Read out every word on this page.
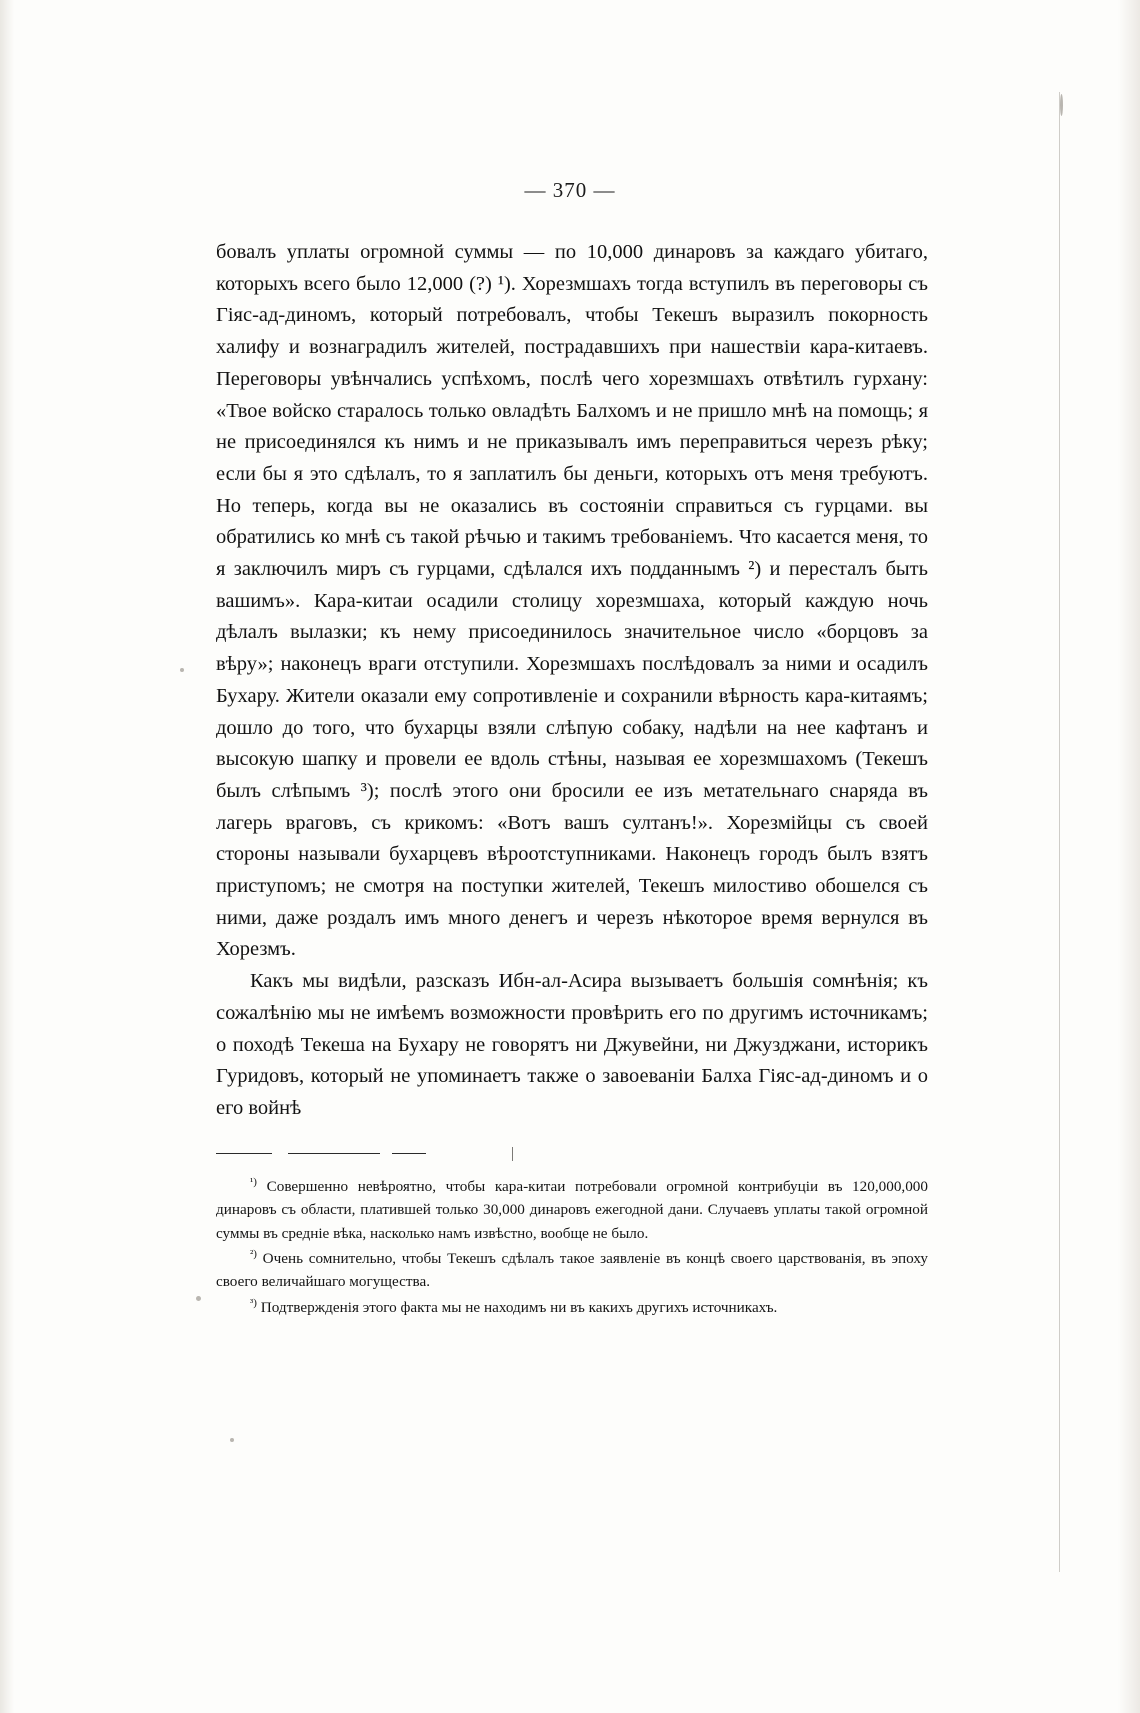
— 370 —

бовалъ уплаты огромной суммы — по 10,000 динаровъ за каждаго убитаго, которыхъ всего было 12,000 (?) ¹). Хорезмшахъ тогда вступилъ въ переговоры съ Гіяс-ад-диномъ, который потребовалъ, чтобы Текешъ выразилъ покорность халифу и вознаградилъ жителей, пострадавшихъ при нашествіи кара-китаевъ. Переговоры увѣнчались успѣхомъ, послѣ чего хорезмшахъ отвѣтилъ гурхану: «Твое войско старалось только овладѣть Балхомъ и не пришло мнѣ на помощь; я не присоединялся къ нимъ и не приказывалъ имъ переправиться черезъ рѣку; если бы я это сдѣлалъ, то я заплатилъ бы деньги, которыхъ отъ меня требуютъ. Но теперь, когда вы не оказались въ состояніи справиться съ гурцами. вы обратились ко мнѣ съ такой рѣчью и такимъ требованіемъ. Что касается меня, то я заключилъ миръ съ гурцами, сдѣлался ихъ подданнымъ ²) и пересталъ быть вашимъ». Кара-китаи осадили столицу хорезмшаха, который каждую ночь дѣлалъ вылазки; къ нему присоединилось значительное число «борцовъ за вѣру»; наконецъ враги отступили. Хорезмшахъ послѣдовалъ за ними и осадилъ Бухару. Жители оказали ему сопротивленіе и сохранили вѣрность кара-китаямъ; дошло до того, что бухарцы взяли слѣпую собаку, надѣли на нее кафтанъ и высокую шапку и провели ее вдоль стѣны, называя ее хорезмшахомъ (Текешъ былъ слѣпымъ ³); послѣ этого они бросили ее изъ метательнаго снаряда въ лагерь враговъ, съ крикомъ: «Вотъ вашъ султанъ!». Хорезмійцы съ своей стороны называли бухарцевъ вѣроотступниками. Наконецъ городъ былъ взятъ приступомъ; не смотря на поступки жителей, Текешъ милостиво обошелся съ ними, даже роздалъ имъ много денегъ и черезъ нѣкоторое время вернулся въ Хорезмъ.

Какъ мы видѣли, разсказъ Ибн-ал-Асира вызываетъ большія сомнѣнія; къ сожалѣнію мы не имѣемъ возможности провѣрить его по другимъ источникамъ; о походѣ Текеша на Бухару не говорятъ ни Джувейни, ни Джузджани, историкъ Гуридовъ, который не упоминаетъ также о завоеваніи Балха Гіяс-ад-диномъ и о его войнѣ

$^{^1)}$ Совершенно невѣроятно, чтобы кара-китаи потребовали огромной контрибуціи въ 120,000,000 динаровъ съ области, платившей только 30,000 динаровъ ежегодной дани. Случаевъ уплаты такой огромной суммы въ средніе вѣка, насколько намъ извѣстно, вообще не было.

$^{^2)}$ Очень сомнительно, чтобы Текешъ сдѣлалъ такое заявленіе въ концѣ своего царствованія, въ эпоху своего величайшаго могущества.

$^{^3)}$ Подтвержденія этого факта мы не находимъ ни въ какихъ другихъ источникахъ.
